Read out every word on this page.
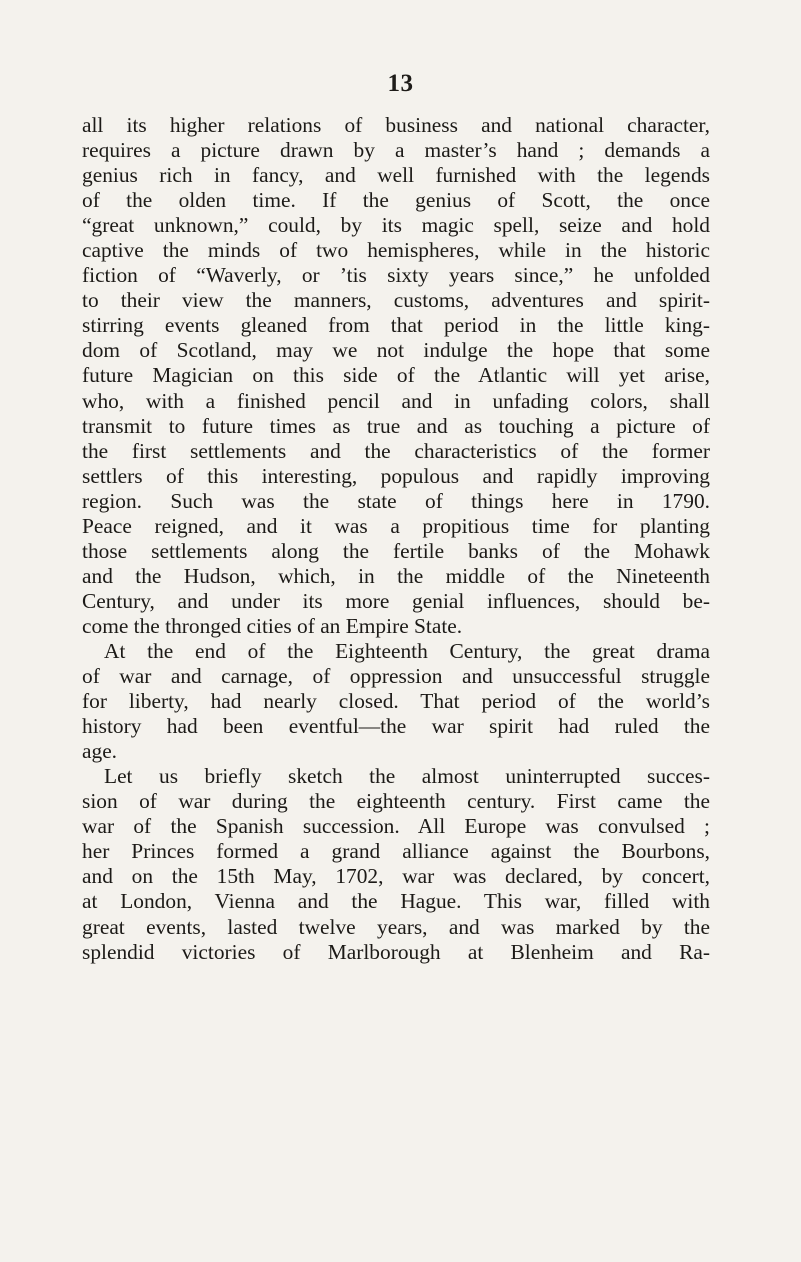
13
all its higher relations of business and national character,
requires a picture drawn by a master’s hand ; demands a
genius rich in fancy, and well furnished with the legends
of the olden time. If the genius of Scott, the once
“great unknown,” could, by its magic spell, seize and hold
captive the minds of two hemispheres, while in the historic
fiction of “Waverly, or ’tis sixty years since,” he unfolded
to their view the manners, customs, adventures and spirit-
stirring events gleaned from that period in the little king-
dom of Scotland, may we not indulge the hope that some
future Magician on this side of the Atlantic will yet arise,
who, with a finished pencil and in unfading colors, shall
transmit to future times as true and as touching a picture of
the first settlements and the characteristics of the former
settlers of this interesting, populous and rapidly improving
region. Such was the state of things here in 1790.
Peace reigned, and it was a propitious time for planting
those settlements along the fertile banks of the Mohawk
and the Hudson, which, in the middle of the Nineteenth
Century, and under its more genial influences, should be-
come the thronged cities of an Empire State.
At the end of the Eighteenth Century, the great drama
of war and carnage, of oppression and unsuccessful struggle
for liberty, had nearly closed. That period of the world’s
history had been eventful—the war spirit had ruled the
age.
Let us briefly sketch the almost uninterrupted succes-
sion of war during the eighteenth century. First came the
war of the Spanish succession. All Europe was convulsed ;
her Princes formed a grand alliance against the Bourbons,
and on the 15th May, 1702, war was declared, by concert,
at London, Vienna and the Hague. This war, filled with
great events, lasted twelve years, and was marked by the
splendid victories of Marlborough at Blenheim and Ra-
